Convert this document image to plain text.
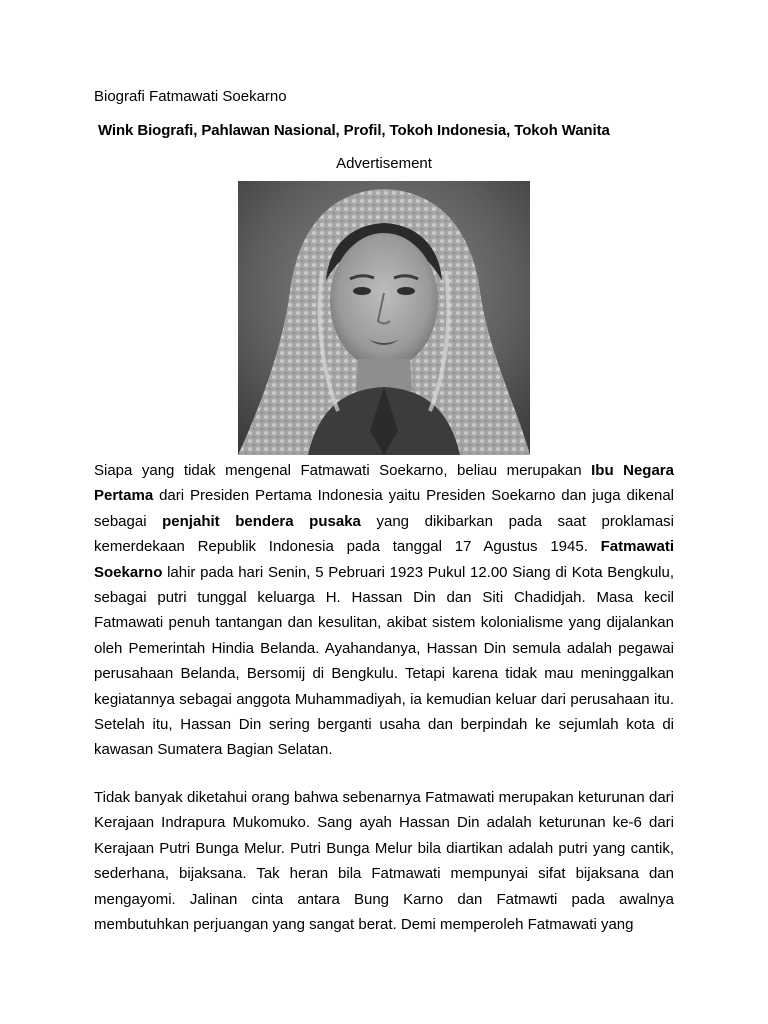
Biografi Fatmawati Soekarno
Wink Biografi, Pahlawan Nasional, Profil, Tokoh Indonesia, Tokoh Wanita
Advertisement

Siapa yang tidak mengenal Fatmawati Soekarno, beliau merupakan Ibu Negara Pertama dari Presiden Pertama Indonesia yaitu Presiden Soekarno dan juga dikenal sebagai penjahit bendera pusaka yang dikibarkan pada saat proklamasi kemerdekaan Republik Indonesia pada tanggal 17 Agustus 1945. Fatmawati Soekarno lahir pada hari Senin, 5 Pebruari 1923 Pukul 12.00 Siang di Kota Bengkulu, sebagai putri tunggal keluarga H. Hassan Din dan Siti Chadidjah. Masa kecil Fatmawati penuh tantangan dan kesulitan, akibat sistem kolonialisme yang dijalankan oleh Pemerintah Hindia Belanda. Ayahandanya, Hassan Din semula adalah pegawai perusahaan Belanda, Bersomij di Bengkulu. Tetapi karena tidak mau meninggalkan kegiatannya sebagai anggota Muhammadiyah, ia kemudian keluar dari perusahaan itu. Setelah itu, Hassan Din sering berganti usaha dan berpindah ke sejumlah kota di kawasan Sumatera Bagian Selatan.

Tidak banyak diketahui orang bahwa sebenarnya Fatmawati merupakan keturunan dari Kerajaan Indrapura Mukomuko. Sang ayah Hassan Din adalah keturunan ke-6 dari Kerajaan Putri Bunga Melur. Putri Bunga Melur bila diartikan adalah putri yang cantik, sederhana, bijaksana. Tak heran bila Fatmawati mempunyai sifat bijaksana dan mengayomi. Jalinan cinta antara Bung Karno dan Fatmawti pada awalnya membutuhkan perjuangan yang sangat berat. Demi memperoleh Fatmawati yang
